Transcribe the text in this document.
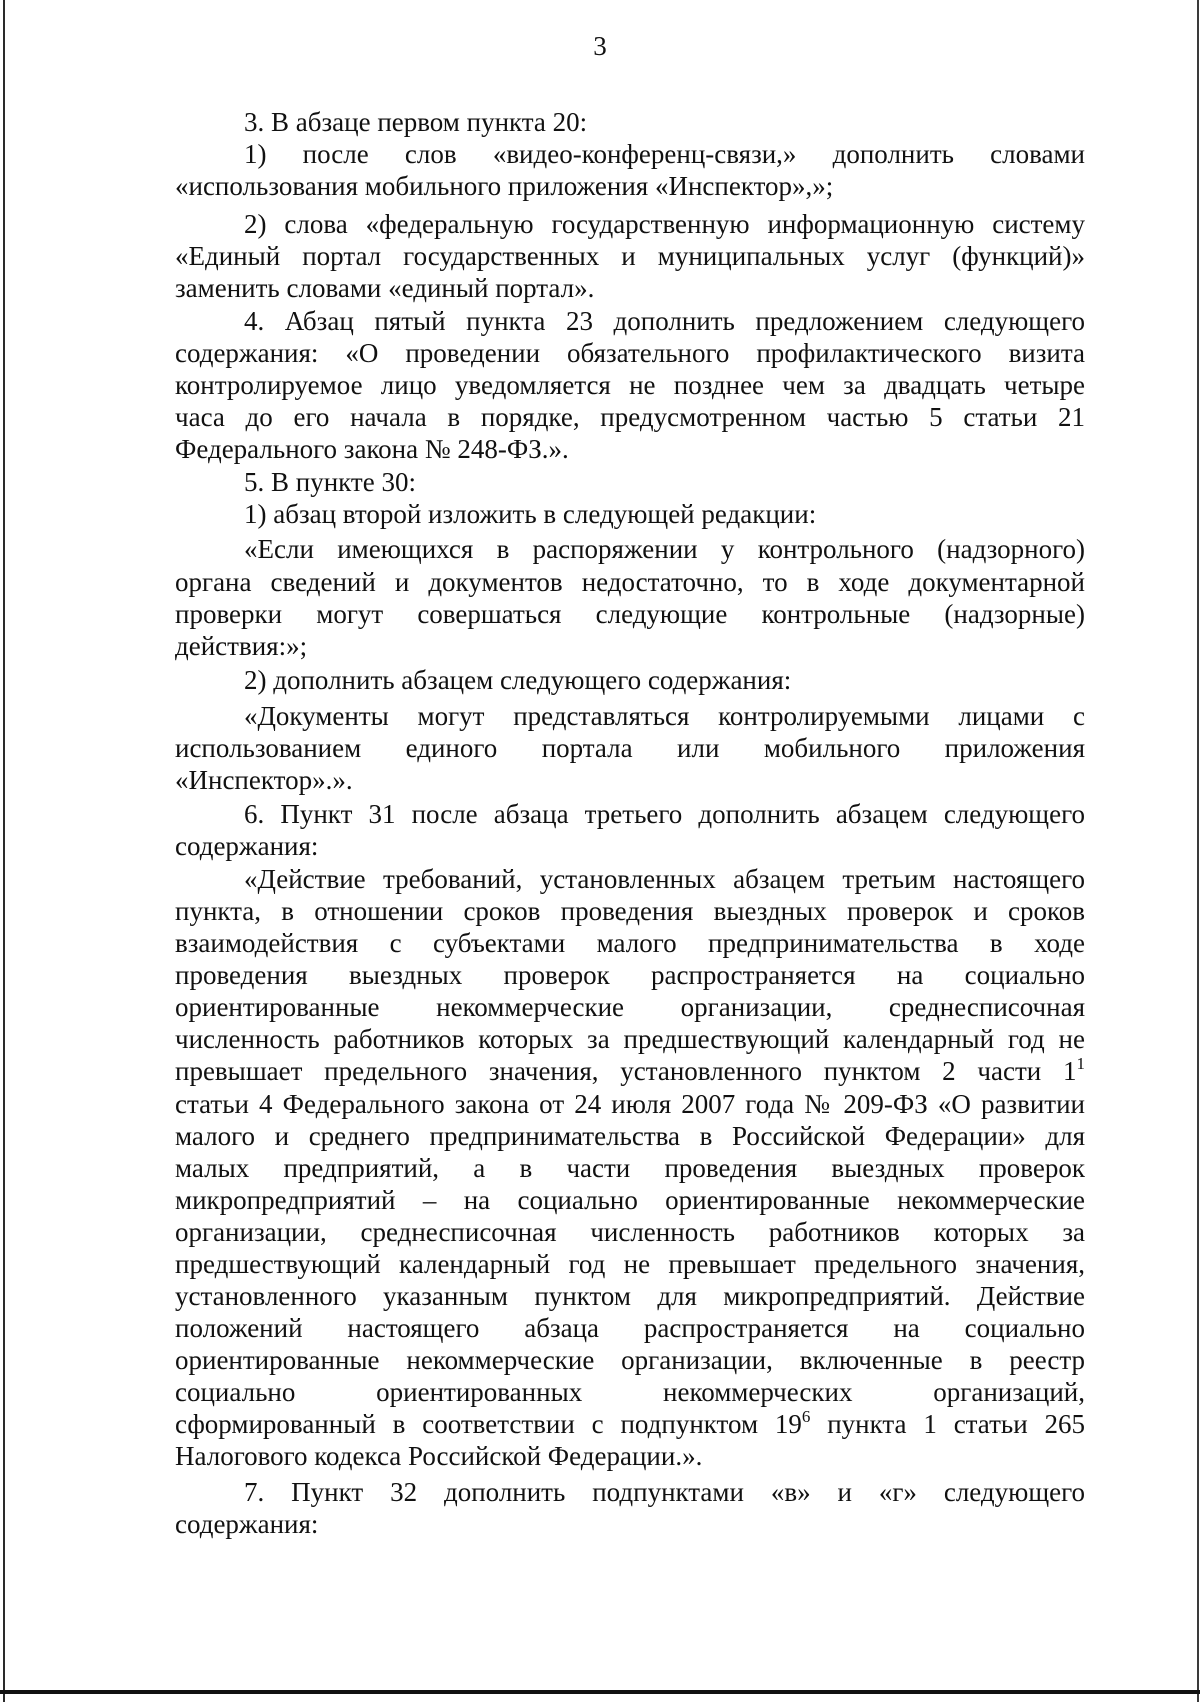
3
3. В абзаце первом пункта 20:
1) после слов «видео-конференц-связи,» дополнить словами
«использования мобильного приложения «Инспектор»,»;
2) слова «федеральную государственную информационную систему
«Единый портал государственных и муниципальных услуг (функций)»
заменить словами «единый портал».
4. Абзац пятый пункта 23 дополнить предложением следующего
содержания: «О проведении обязательного профилактического визита
контролируемое лицо уведомляется не позднее чем за двадцать четыре
часа до его начала в порядке, предусмотренном частью 5 статьи 21
Федерального закона № 248-ФЗ.».
5. В пункте 30:
1) абзац второй изложить в следующей редакции:
«Если имеющихся в распоряжении у контрольного (надзорного)
органа сведений и документов недостаточно, то в ходе документарной
проверки могут совершаться следующие контрольные (надзорные)
действия:»;
2) дополнить абзацем следующего содержания:
«Документы могут представляться контролируемыми лицами с
использованием единого портала или мобильного приложения
«Инспектор».».
6. Пункт 31 после абзаца третьего дополнить абзацем следующего
содержания:
«Действие требований, установленных абзацем третьим настоящего
пункта, в отношении сроков проведения выездных проверок и сроков
взаимодействия с субъектами малого предпринимательства в ходе
проведения выездных проверок распространяется на социально
ориентированные некоммерческие организации, среднесписочная
численность работников которых за предшествующий календарный год не
превышает предельного значения, установленного пунктом 2 части $1^1$
статьи 4 Федерального закона от 24 июля 2007 года № 209-ФЗ «О развитии
малого и среднего предпринимательства в Российской Федерации» для
малых предприятий, а в части проведения выездных проверок
микропредприятий – на социально ориентированные некоммерческие
организации, среднесписочная численность работников которых за
предшествующий календарный год не превышает предельного значения,
установленного указанным пунктом для микропредприятий. Действие
положений настоящего абзаца распространяется на социально
ориентированные некоммерческие организации, включенные в реестр
социально ориентированных некоммерческих организаций,
сформированный в соответствии с подпунктом $19^6$ пункта 1 статьи 265
Налогового кодекса Российской Федерации.».
7. Пункт 32 дополнить подпунктами «в» и «г» следующего
содержания:
